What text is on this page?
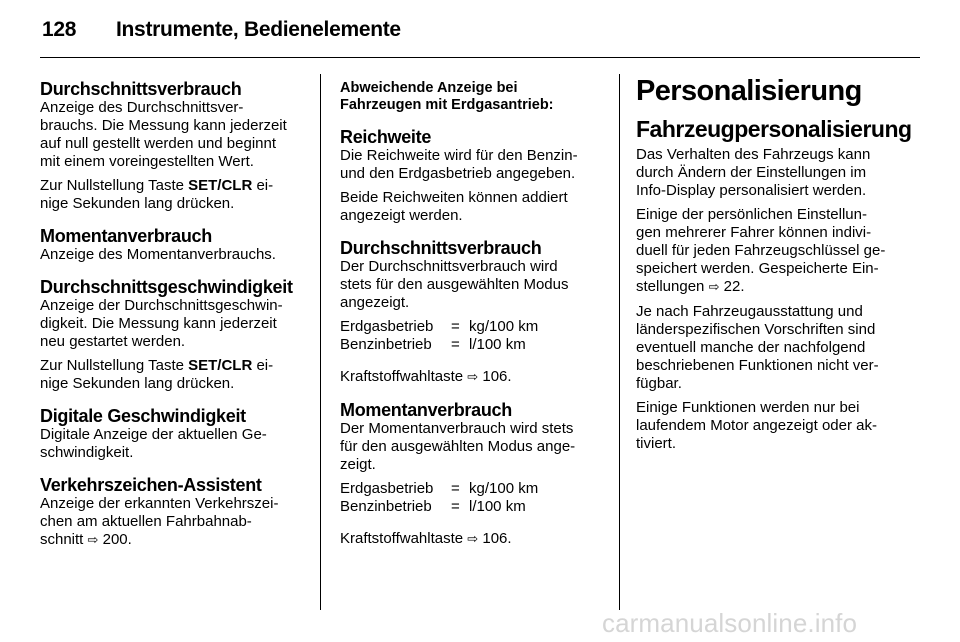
128 Instrumente, Bedienelemente
Durchschnittsverbrauch
Anzeige des Durchschnittsver-
brauchs. Die Messung kann jederzeit
auf null gestellt werden und beginnt
mit einem voreingestellten Wert.
Zur Nullstellung Taste SET/CLR ei-
nige Sekunden lang drücken.
Momentanverbrauch
Anzeige des Momentanverbrauchs.
Durchschnittsgeschwindigkeit
Anzeige der Durchschnittsgeschwin-
digkeit. Die Messung kann jederzeit
neu gestartet werden.
Zur Nullstellung Taste SET/CLR ei-
nige Sekunden lang drücken.
Digitale Geschwindigkeit
Digitale Anzeige der aktuellen Ge-
schwindigkeit.
Verkehrszeichen-Assistent
Anzeige der erkannten Verkehrszei-
chen am aktuellen Fahrbahnab-
schnitt ⇨ 200.
Abweichende Anzeige bei
Fahrzeugen mit Erdgasantrieb:
Reichweite
Die Reichweite wird für den Benzin-
und den Erdgasbetrieb angegeben.
Beide Reichweiten können addiert
angezeigt werden.
Durchschnittsverbrauch
Der Durchschnittsverbrauch wird
stets für den ausgewählten Modus
angezeigt.
Erdgasbetrieb	= kg/100 km
Benzinbetrieb	= l/100 km
Kraftstoffwahltaste ⇨ 106.
Momentanverbrauch
Der Momentanverbrauch wird stets
für den ausgewählten Modus ange-
zeigt.
Erdgasbetrieb	= kg/100 km
Benzinbetrieb	= l/100 km
Kraftstoffwahltaste ⇨ 106.
Personalisierung
Fahrzeugpersonalisierung
Das Verhalten des Fahrzeugs kann
durch Ändern der Einstellungen im
Info-Display personalisiert werden.
Einige der persönlichen Einstellun-
gen mehrerer Fahrer können indivi-
duell für jeden Fahrzeugschlüssel ge-
speichert werden. Gespeicherte Ein-
stellungen ⇨ 22.
Je nach Fahrzeugausstattung und
länderspezifischen Vorschriften sind
eventuell manche der nachfolgend
beschriebenen Funktionen nicht ver-
fügbar.
Einige Funktionen werden nur bei
laufendem Motor angezeigt oder ak-
tiviert.
carmanualsonline.info
